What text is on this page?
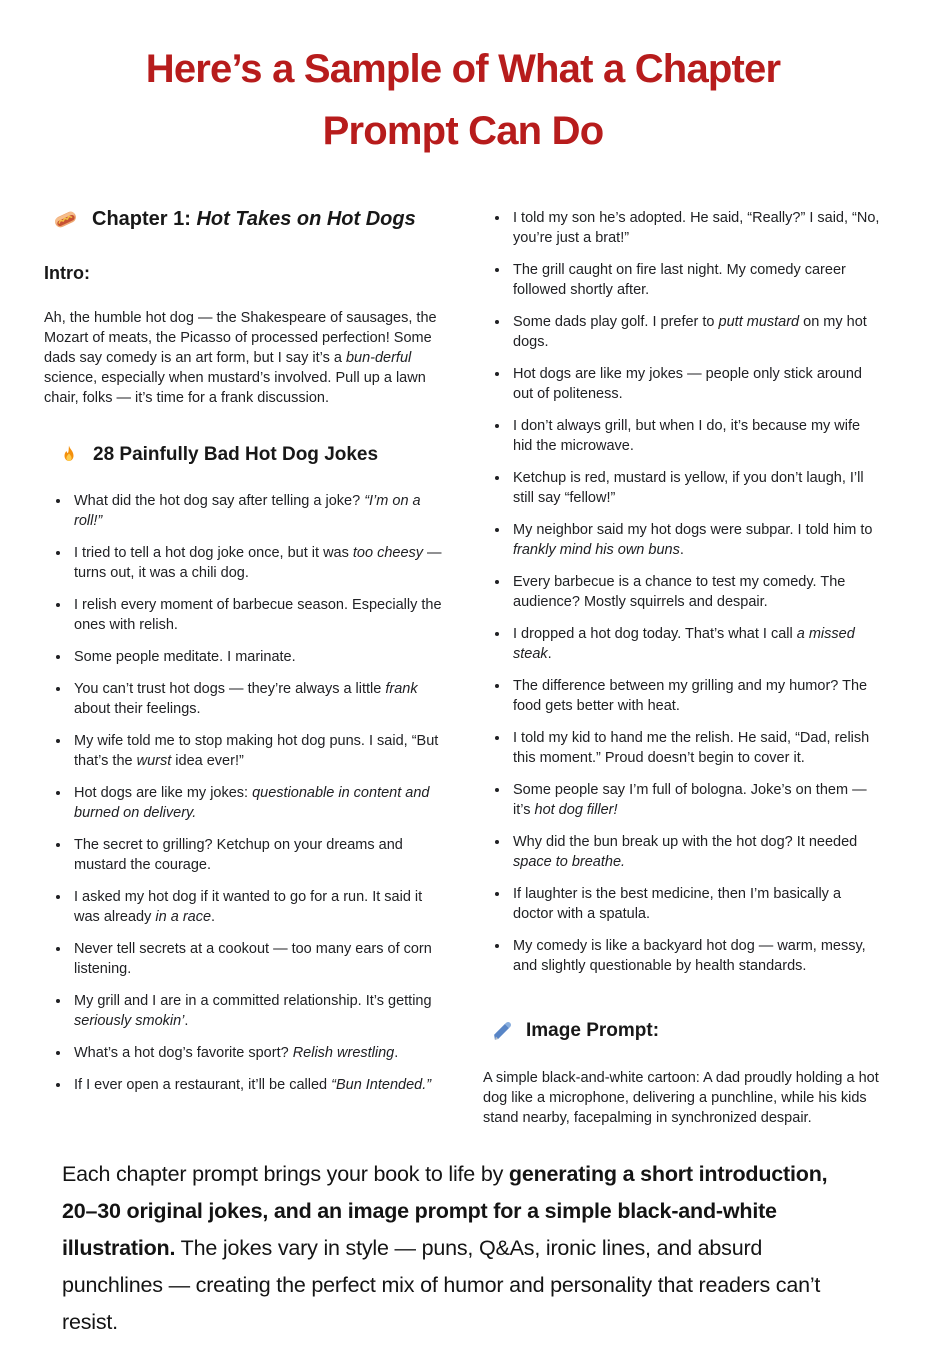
Here’s a Sample of What a Chapter
Prompt Can Do
Chapter 1: Hot Takes on Hot Dogs
Intro:

Ah, the humble hot dog — the Shakespeare of sausages, the Mozart of meats, the Picasso of processed perfection! Some dads say comedy is an art form, but I say it’s a bun-derful science, especially when mustard’s involved. Pull up a lawn chair, folks — it’s time for a frank discussion.

28 Painfully Bad Hot Dog Jokes
• What did the hot dog say after telling a joke? “I’m on a roll!”
• I tried to tell a hot dog joke once, but it was too cheesy — turns out, it was a chili dog.
• I relish every moment of barbecue season. Especially the ones with relish.
• Some people meditate. I marinate.
• You can’t trust hot dogs — they’re always a little frank about their feelings.
• My wife told me to stop making hot dog puns. I said, “But that’s the wurst idea ever!”
• Hot dogs are like my jokes: questionable in content and burned on delivery.
• The secret to grilling? Ketchup on your dreams and mustard the courage.
• I asked my hot dog if it wanted to go for a run. It said it was already in a race.
• Never tell secrets at a cookout — too many ears of corn listening.
• My grill and I are in a committed relationship. It’s getting seriously smokin’.
• What’s a hot dog’s favorite sport? Relish wrestling.
• If I ever open a restaurant, it’ll be called “Bun Intended.”
• I told my son he’s adopted. He said, “Really?” I said, “No, you’re just a brat!”
• The grill caught on fire last night. My comedy career followed shortly after.
• Some dads play golf. I prefer to putt mustard on my hot dogs.
• Hot dogs are like my jokes — people only stick around out of politeness.
• I don’t always grill, but when I do, it’s because my wife hid the microwave.
• Ketchup is red, mustard is yellow, if you don’t laugh, I’ll still say “fellow!”
• My neighbor said my hot dogs were subpar. I told him to frankly mind his own buns.
• Every barbecue is a chance to test my comedy. The audience? Mostly squirrels and despair.
• I dropped a hot dog today. That’s what I call a missed steak.
• The difference between my grilling and my humor? The food gets better with heat.
• I told my kid to hand me the relish. He said, “Dad, relish this moment.” Proud doesn’t begin to cover it.
• Some people say I’m full of bologna. Joke’s on them — it’s hot dog filler!
• Why did the bun break up with the hot dog? It needed space to breathe.
• If laughter is the best medicine, then I’m basically a doctor with a spatula.
• My comedy is like a backyard hot dog — warm, messy, and slightly questionable by health standards.
Image Prompt:

A simple black-and-white cartoon: A dad proudly holding a hot dog like a microphone, delivering a punchline, while his kids stand nearby, facepalming in synchronized despair.

Each chapter prompt brings your book to life by generating a short introduction, 20–30 original jokes, and an image prompt for a simple black-and-white illustration. The jokes vary in style — puns, Q&As, ironic lines, and absurd punchlines — creating the perfect mix of humor and personality that readers can’t resist.
